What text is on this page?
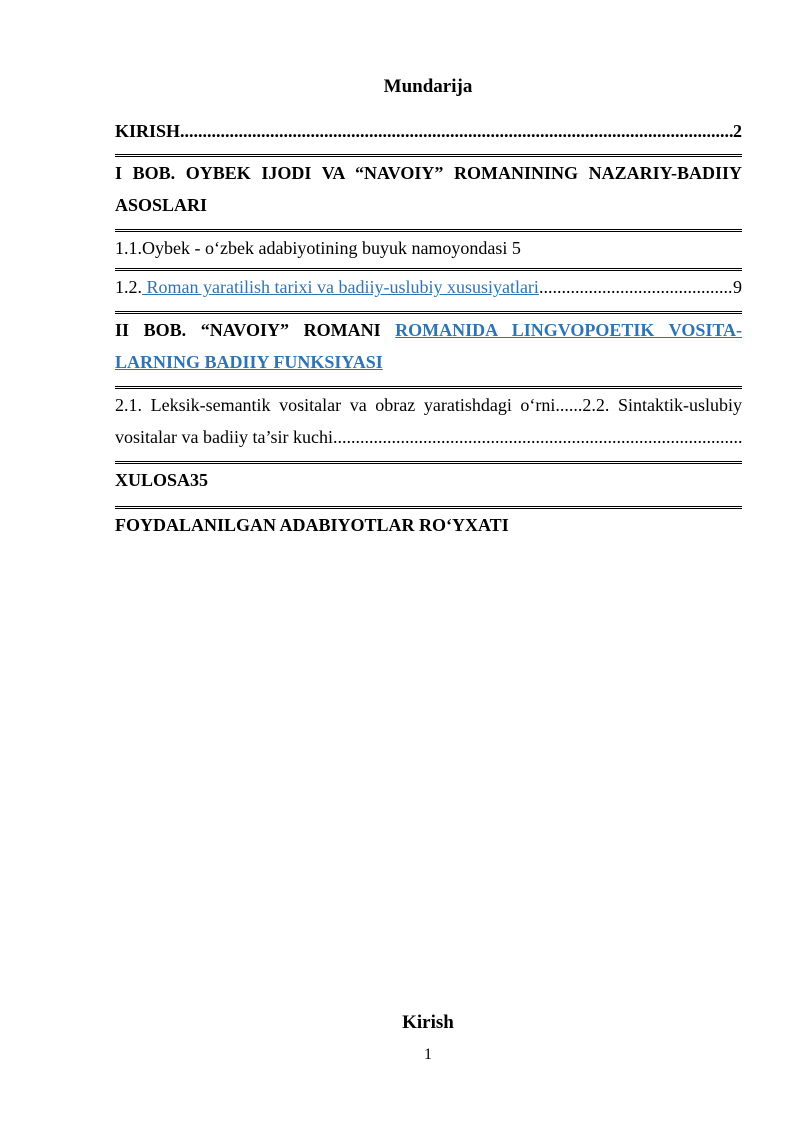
Mundarija
KIRISH .....	2
I BOB. OYBEK IJODI VA “NAVOIY” ROMANINING NAZARIY-BADIIY ASOSLARI
1.1.Oybek - o‘zbek adabiyotining buyuk namoyondasi 5
1.2. Roman yaratilish tarixi va badiiy-uslubiy xususiyatlari .....	9
II BOB. “NAVOIY” ROMANI ROMANIDA LINGVOPOETIK VOSITA-
LARNING BADIIY FUNKSIYASI
2.1. Leksik-semantik vositalar va obraz yaratishdagi o‘rni......2.2. Sintaktik-uslubiy
vositalar va badiiy ta’sir kuchi .....
XULOSA35
FOYDALANILGAN ADABIYOTLAR RO‘YXATI
Kirish
1
